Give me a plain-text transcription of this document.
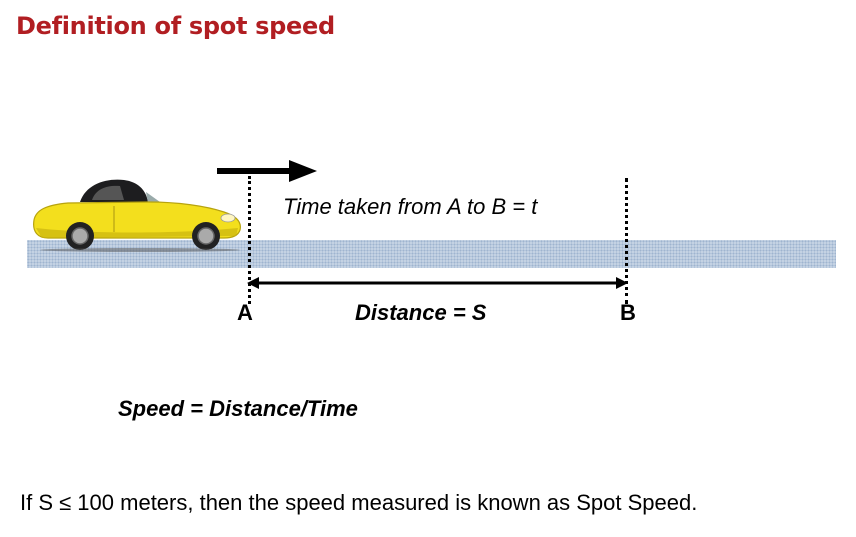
Definition of spot speed
Time taken from A to B = t
A	Distance = S	B
Speed = Distance/Time
If S ≤ 100 meters, then the speed measured is known as Spot Speed.
